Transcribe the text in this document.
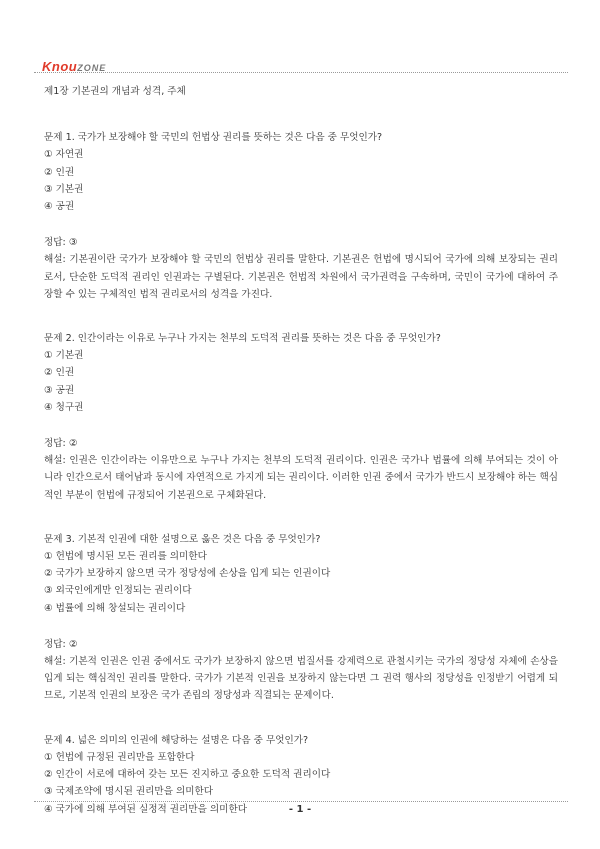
KnouZONE

제1장 기본권의 개념과 성격, 주체

문제 1. 국가가 보장해야 할 국민의 헌법상 권리를 뜻하는 것은 다음 중 무엇인가?

① 자연권

② 인권

③ 기본권

④ 공권

정답: ③

해설: 기본권이란 국가가 보장해야 할 국민의 헌법상 권리를 말한다. 기본권은 헌법에 명시되어 국가에 의해 보장되는 권리로서, 단순한 도덕적 권리인 인권과는 구별된다. 기본권은 헌법적 차원에서 국가권력을 구속하며, 국민이 국가에 대하여 주장할 수 있는 구체적인 법적 권리로서의 성격을 가진다.

문제 2. 인간이라는 이유로 누구나 가지는 천부의 도덕적 권리를 뜻하는 것은 다음 중 무엇인가?

① 기본권

② 인권

③ 공권

④ 청구권

정답: ②

해설: 인권은 인간이라는 이유만으로 누구나 가지는 천부의 도덕적 권리이다. 인권은 국가나 법률에 의해 부여되는 것이 아니라 인간으로서 태어남과 동시에 자연적으로 가지게 되는 권리이다. 이러한 인권 중에서 국가가 반드시 보장해야 하는 핵심적인 부분이 헌법에 규정되어 기본권으로 구체화된다.

문제 3. 기본적 인권에 대한 설명으로 옳은 것은 다음 중 무엇인가?

① 헌법에 명시된 모든 권리를 의미한다

② 국가가 보장하지 않으면 국가 정당성에 손상을 입게 되는 인권이다

③ 외국인에게만 인정되는 권리이다

④ 법률에 의해 창설되는 권리이다

정답: ②

해설: 기본적 인권은 인권 중에서도 국가가 보장하지 않으면 법질서를 강제력으로 관철시키는 국가의 정당성 자체에 손상을 입게 되는 핵심적인 권리를 말한다. 국가가 기본적 인권을 보장하지 않는다면 그 권력 행사의 정당성을 인정받기 어렵게 되므로, 기본적 인권의 보장은 국가 존립의 정당성과 직결되는 문제이다.

문제 4. 넓은 의미의 인권에 해당하는 설명은 다음 중 무엇인가?

① 헌법에 규정된 권리만을 포함한다

② 인간이 서로에 대하여 갖는 모든 진지하고 중요한 도덕적 권리이다

③ 국제조약에 명시된 권리만을 의미한다

④ 국가에 의해 부여된 실정적 권리만을 의미한다	- 1 -
